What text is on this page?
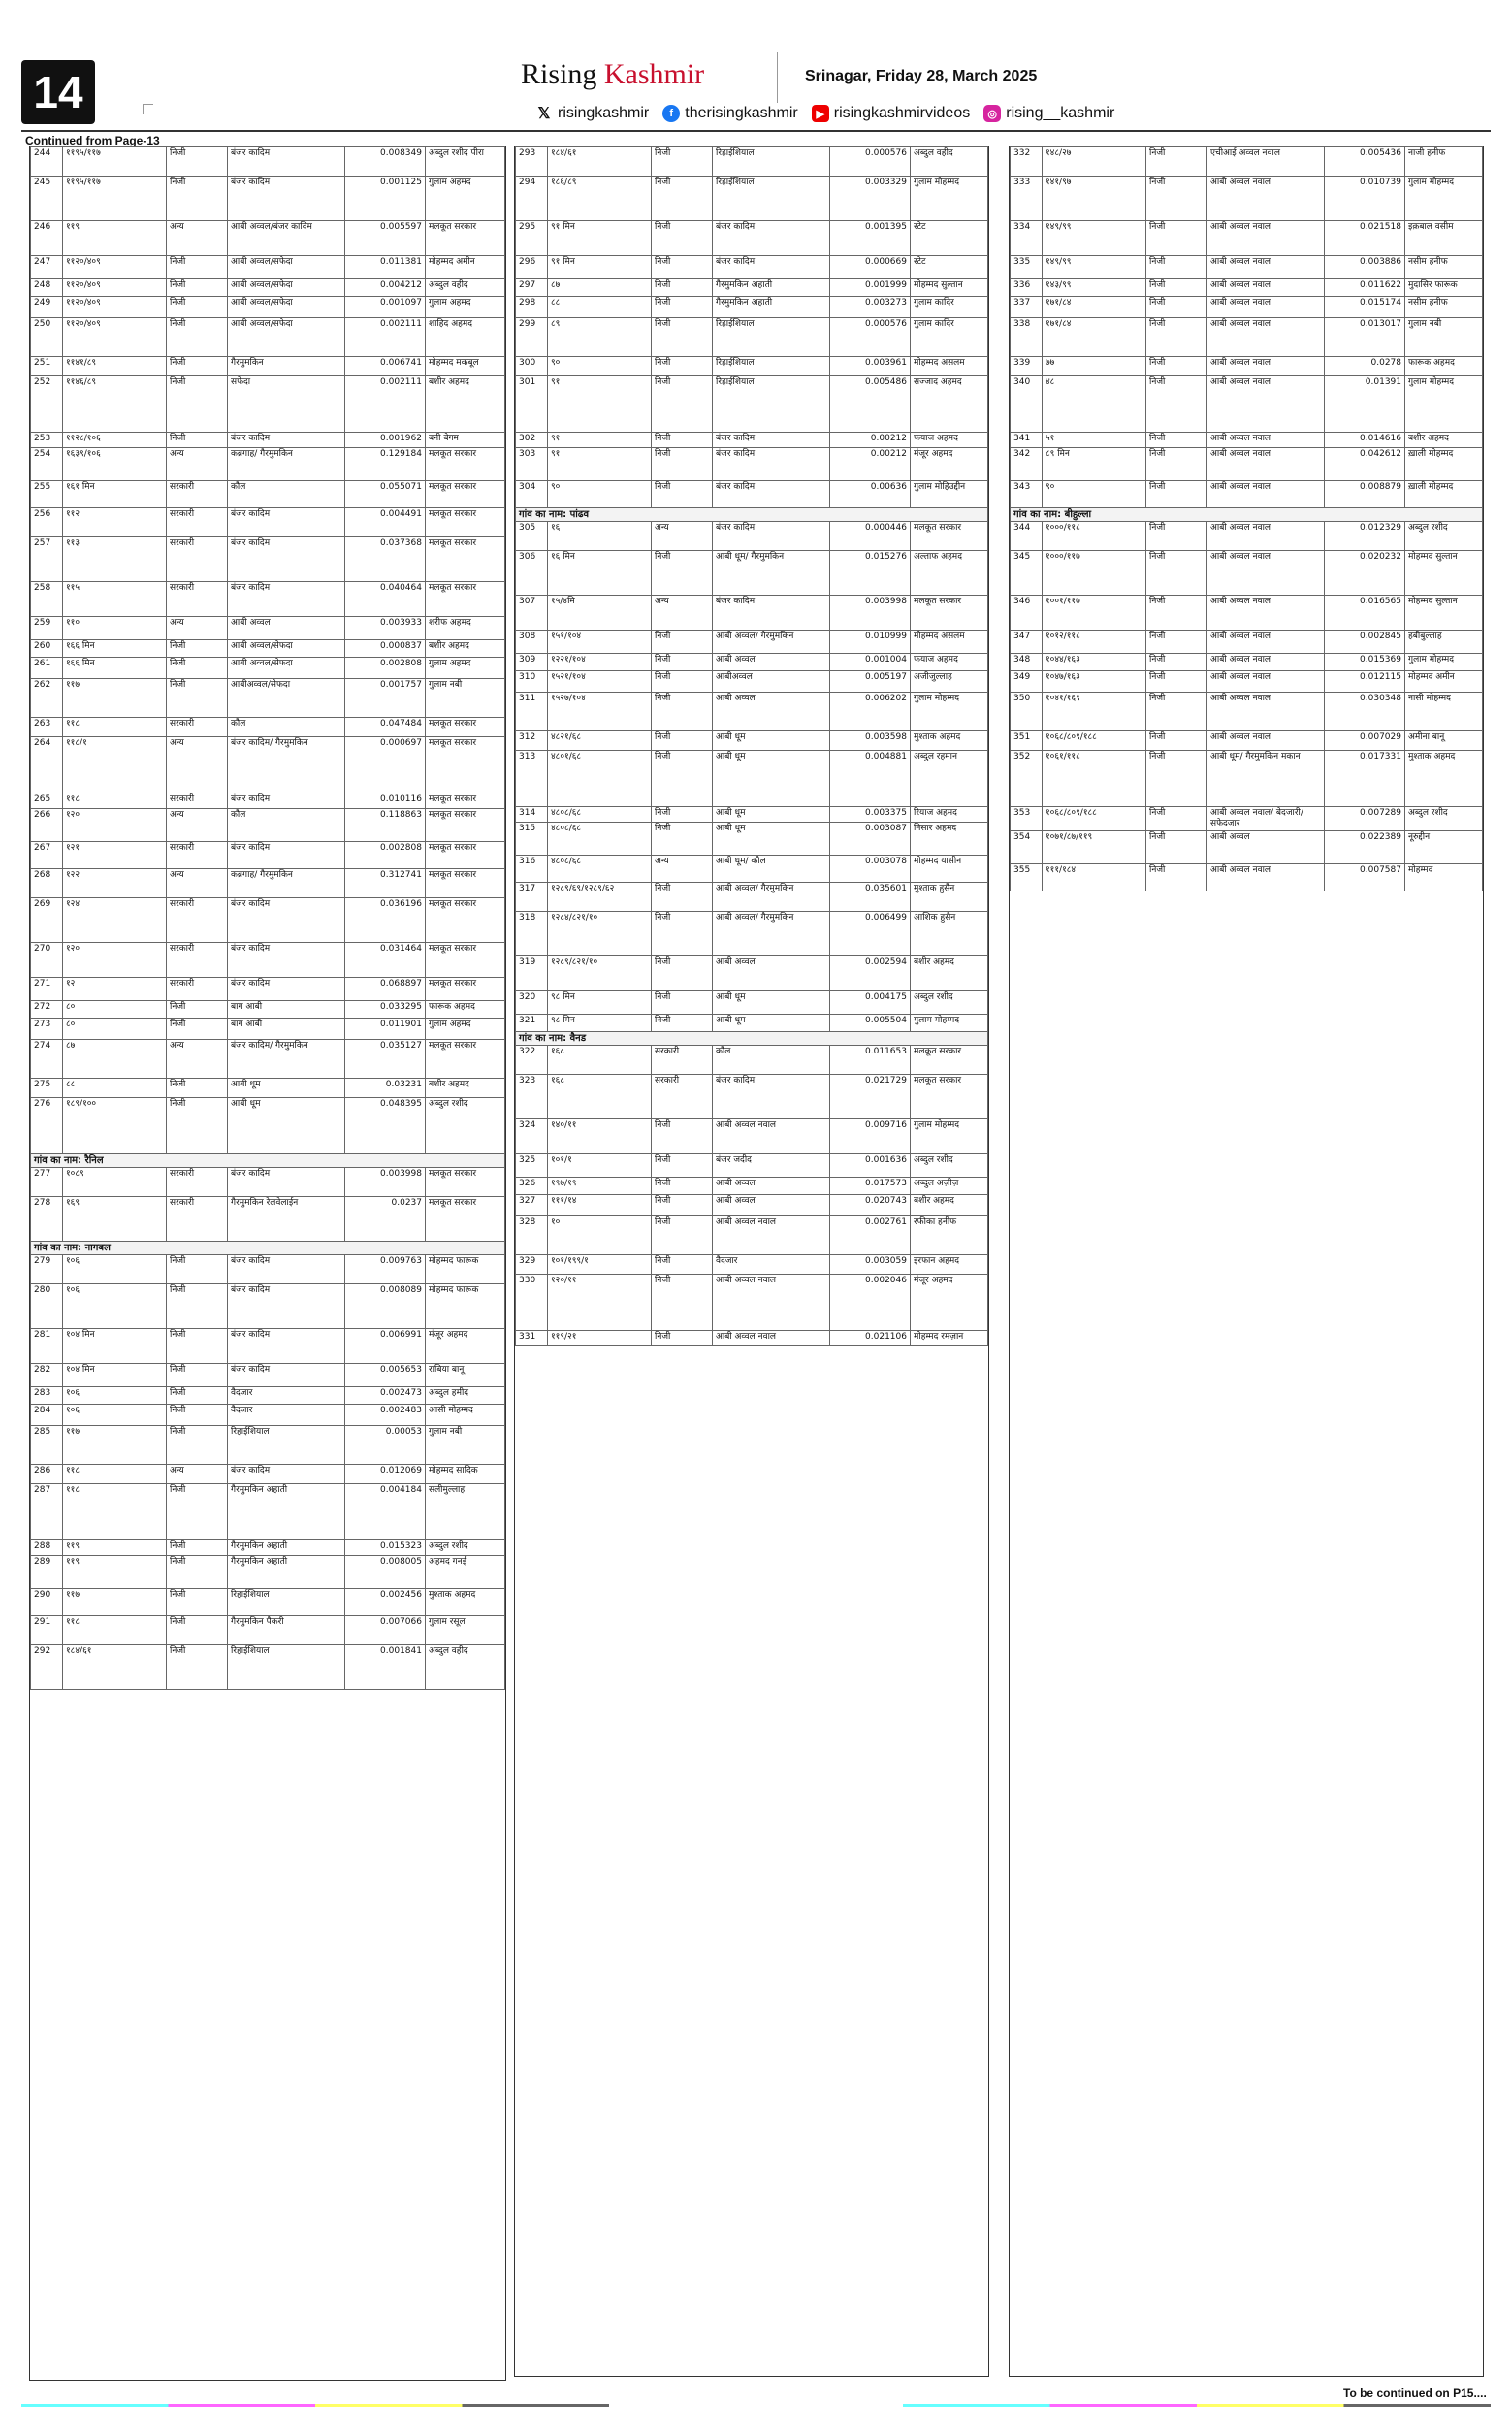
14	Rising Kashmir	Srinagar, Friday 28, March 2025
𝕏 risingkashmir	f therisingkashmir	▶ risingkashmirvideos	◎ rising__kashmir
Continued from Page-13
244	११९५/११७	निजी	बंजर कादिम	0.008349	अब्दुल रशीद पीरा
245	११९५/११७	निजी	बंजर कादिम	0.001125	गुलाम अहमद
246	११९	अन्य	आबी अव्वल/बंजर कादिम	0.005597	मलकूत सरकार
247	११२०/४०९	निजी	आबी अव्वल/सफेदा	0.011381	मोहम्मद अमीन
248	११२०/४०९	निजी	आबी अव्वल/सफेदा	0.004212	अब्दुल वहीद
249	११२०/४०९	निजी	आबी अव्वल/सफेदा	0.001097	गुलाम अहमद
250	११२०/४०९	निजी	आबी अव्वल/सफेदा	0.002111	शाहिद अहमद
251	११४१/८९	निजी	गैरमुमकिन	0.006741	मोहम्मद मकबूल
252	११४६/८९	निजी	सफेदा	0.002111	बशीर अहमद
253	११२८/१०६	निजी	बंजर कादिम	0.001962	बनी बेगम
254	१६३९/१०६	अन्य	कब्रगाह/ गैरमुमकिन	0.129184	मलकूत सरकार
255	१६१ मिन	सरकारी	कौल	0.055071	मलकूत सरकार
256	११२	सरकारी	बंजर कादिम	0.004491	मलकूत सरकार
257	११३	सरकारी	बंजर कादिम	0.037368	मलकूत सरकार
258	११५	सरकारी	बंजर कादिम	0.040464	मलकूत सरकार
259	११०	अन्य	आबी अव्वल	0.003933	शरीफ अहमद
260	१६६ मिन	निजी	आबी अव्वल/सेफदा	0.000837	बशीर अहमद
261	१६६ मिन	निजी	आबी अव्वल/सेफदा	0.002808	गुलाम अहमद
262	११७	निजी	आबीअव्वल/सेफदा	0.001757	गुलाम नबी
263	११८	सरकारी	कौल	0.047484	मलकूत सरकार
264	११८/१	अन्य	बंजर कादिम/ गैरमुमकिन	0.000697	मलकूत सरकार
265	११८	सरकारी	बंजर कादिम	0.010116	मलकूत सरकार
266	१२०	अन्य	कौल	0.118863	मलकूत सरकार
267	१२१	सरकारी	बंजर कादिम	0.002808	मलकूत सरकार
268	१२२	अन्य	कब्रगाह/ गैरमुमकिन	0.312741	मलकूत सरकार
269	१२४	सरकारी	बंजर कादिम	0.036196	मलकूत सरकार
270	१२०	सरकारी	बंजर कादिम	0.031464	मलकूत सरकार
271	१२	सरकारी	बंजर कादिम	0.068897	मलकूत सरकार
272	८०	निजी	बाग आबी	0.033295	फारूक अहमद
273	८०	निजी	बाग आबी	0.011901	गुलाम अहमद
274	८७	अन्य	बंजर कादिम/ गैरमुमकिन	0.035127	मलकूत सरकार
275	८८	निजी	आबी धूम	0.03231	बशीर अहमद
276	१८९/१००	निजी	आबी धूम	0.048395	अब्दुल रशीद
गांव का नाम: रैनिल					
277	१०८९	सरकारी	बंजर कादिम	0.003998	मलकूत सरकार
278	१६९	सरकारी	गैरमुमकिन रेलवेलाईन	0.0237	मलकूत सरकार
गांव का नाम: नागबल					
279	१०६	निजी	बंजर कादिम	0.009763	मोहम्मद फारूक
280	१०६	निजी	बंजर कादिम	0.008089	मोहम्मद फारूक
281	१०४ मिन	निजी	बंजर कादिम	0.006991	मंजूर अहमद
282	१०४ मिन	निजी	बंजर कादिम	0.005653	राबिया बानू
283	१०६	निजी	वैदजार	0.002473	अब्दुल हमीद
284	१०६	निजी	वैदजार	0.002483	आसी मोहम्मद
285	११७	निजी	रिहाईशियाल	0.00053	गुलाम नबी
286	११८	अन्य	बंजर कादिम	0.012069	मोहम्मद सादिक
287	११८	निजी	गैरमुमकिन अहाती	0.004184	सलीमुल्लाह
288	११९	निजी	गैरमुमकिन अहाती	0.015323	अब्दुल रशीद
289	११९	निजी	गैरमुमकिन अहाती	0.008005	अहमद गनई
290	११७	निजी	रिहाईशियाल	0.002456	मुश्ताक अहमद
291	११८	निजी	गैरमुमकिन पैकरी	0.007066	गुलाम रसूल
292	१८४/६१	निजी	रिहाईशियाल	0.001841	अब्दुल वहीद
293	१८४/६१	निजी	रिहाईशियाल	0.000576	अब्दुल वहीद
294	१८६/८९	निजी	रिहाईशियाल	0.003329	गुलाम मोहम्मद
295	९१ मिन	निजी	बंजर कादिम	0.001395	स्टेट
296	९१ मिन	निजी	बंजर कादिम	0.000669	स्टेट
297	८७	निजी	गैरमुमकिन अहाती	0.001999	मोहम्मद सुल्तान
298	८८	निजी	गैरमुमकिन अहाती	0.003273	गुलाम कादिर
299	८९	निजी	रिहाईशियाल	0.000576	गुलाम कादिर
300	९०	निजी	रिहाईशियाल	0.003961	मोहम्मद असलम
301	९१	निजी	रिहाईशियाल	0.005486	सज्जाद अहमद
302	९१	निजी	बंजर कादिम	0.00212	फयाज अहमद
303	९१	निजी	बंजर कादिम	0.00212	मंजूर अहमद
304	९०	निजी	बंजर कादिम	0.00636	गुलाम मोहिउद्दीन
गांव का नाम: पांढव					
305	१६	अन्य	बंजर कादिम	0.000446	मलकूत सरकार
306	१६ मिन	निजी	आबी धूम/ गैरमुमकिन	0.015276	अल्ताफ अहमद
307	१५/४मि	अन्य	बंजर कादिम	0.003998	मलकूत सरकार
308	१५१/१०४	निजी	आबी अव्वल/ गैरमुमकिन	0.010999	मोहम्मद असलम
309	१२२१/१०४	निजी	आबी अव्वल	0.001004	फयाज अहमद
310	१५२१/१०४	निजी	आबीअव्वल	0.005197	अजीजुल्लाह
311	१५२७/१०४	निजी	आबी अव्वल	0.006202	गुलाम मोहम्मद
312	४८२१/६८	निजी	आबी धूम	0.003598	मुश्ताक अहमद
313	४८०१/६८	निजी	आबी धूम	0.004881	अब्दुल रहमान
314	४८०८/६८	निजी	आबी धूम	0.003375	रियाज अहमद
315	४८०८/६८	निजी	आबी धूम	0.003087	निसार अहमद
316	४८०८/६८	अन्य	आबी धूम/ कौल	0.003078	मोहम्मद यासीन
317	१२८९/६९/१२८९/६२	निजी	आबी अव्वल/ गैरमुमकिन	0.035601	मुश्ताक हुसैन
318	१२८४/८२१/१०	निजी	आबी अव्वल/ गैरमुमकिन	0.006499	आशिक हुसैन
319	१२८९/८२१/१०	निजी	आबी अव्वल	0.002594	बशीर अहमद
320	९८ मिन	निजी	आबी धूम	0.004175	अब्दुल रशीद
321	९८ मिन	निजी	आबी धूम	0.005504	गुलाम मोहम्मद
गांव का नाम: वैनड					
322	१६८	सरकारी	कौल	0.011653	मलकूत सरकार
323	१६८	सरकारी	बंजर कादिम	0.021729	मलकूत सरकार
324	१४०/११	निजी	आबी अव्वल नवाल	0.009716	गुलाम मोहम्मद
325	१०१/१	निजी	बंजर जदीद	0.001636	अब्दुल रशीद
326	१९७/१९	निजी	आबी अव्वल	0.017573	अब्दुल अज़ीज़
327	१११/१४	निजी	आबी अव्वल	0.020743	बशीर अहमद
328	१०	निजी	आबी अव्वल नवाल	0.002761	रफीका हनीफ
329	१०१/१९९/१	निजी	वैदजार	0.003059	इरफान अहमद
330	१२०/११	निजी	आबी अव्वल नवाल	0.002046	मंजूर अहमद
331	११९/२१	निजी	आबी अव्वल नवाल	0.021106	मोहम्मद रमज़ान
332	१४८/२७	निजी	एचीआई अव्वल नवाल	0.005436	नाजी हनीफ
333	१४१/९७	निजी	आबी अव्वल नवाल	0.010739	गुलाम मोहम्मद
334	१४९/९९	निजी	आबी अव्वल नवाल	0.021518	इक़बाल वसीम
335	१४९/९९	निजी	आबी अव्वल नवाल	0.003886	नसीम हनीफ
336	१४३/९९	निजी	आबी अव्वल नवाल	0.011622	मुदासिर फारूक
337	१७१/८४	निजी	आबी अव्वल नवाल	0.015174	नसीम हनीफ
338	१७१/८४	निजी	आबी अव्वल नवाल	0.013017	गुलाम नबी
339	७७	निजी	आबी अव्वल नवाल	0.0278	फारूक अहमद
340	४८	निजी	आबी अव्वल नवाल	0.01391	गुलाम मोहम्मद
341	५१	निजी	आबी अव्वल नवाल	0.014616	बशीर अहमद
342	८९ मिन	निजी	आबी अव्वल नवाल	0.042612	ख़ाली मोहम्मद
343	९०	निजी	आबी अव्वल नवाल	0.008879	ख़ाली मोहम्मद
गांव का नाम: बीहुल्ला					
344	१०००/११८	निजी	आबी अव्वल नवाल	0.012329	अब्दुल रशीद
345	१०००/११७	निजी	आबी अव्वल नवाल	0.020232	मोहम्मद सुल्तान
346	१००१/११७	निजी	आबी अव्वल नवाल	0.016565	मोहम्मद सुल्तान
347	१०१२/११८	निजी	आबी अव्वल नवाल	0.002845	हबीबुल्लाह
348	१०४४/१६३	निजी	आबी अव्वल नवाल	0.015369	गुलाम मोहम्मद
349	१०४७/१६३	निजी	आबी अव्वल नवाल	0.012115	मोहम्मद अमीन
350	१०४१/१६९	निजी	आबी अव्वल नवाल	0.030348	नासी मोहम्मद
351	१०६८/८०९/१८८	निजी	आबी अव्वल नवाल	0.007029	अमीना बानू
352	१०६१/११८	निजी	आबी धूम/ गैरमुमकिन मकान	0.017331	मुश्ताक अहमद
353	१०६८/८०९/१८८	निजी	आबी अव्वल नवाल/ बेदजारी/सफेदजार	0.007289	अब्दुल रशीद
354	१०७१/८७/११९	निजी	आबी अव्वल	0.022389	नूरुद्दीन
355	१११/१८४	निजी	आबी अव्वल नवाल	0.007587	मोहम्मद
To be continued on P15....
